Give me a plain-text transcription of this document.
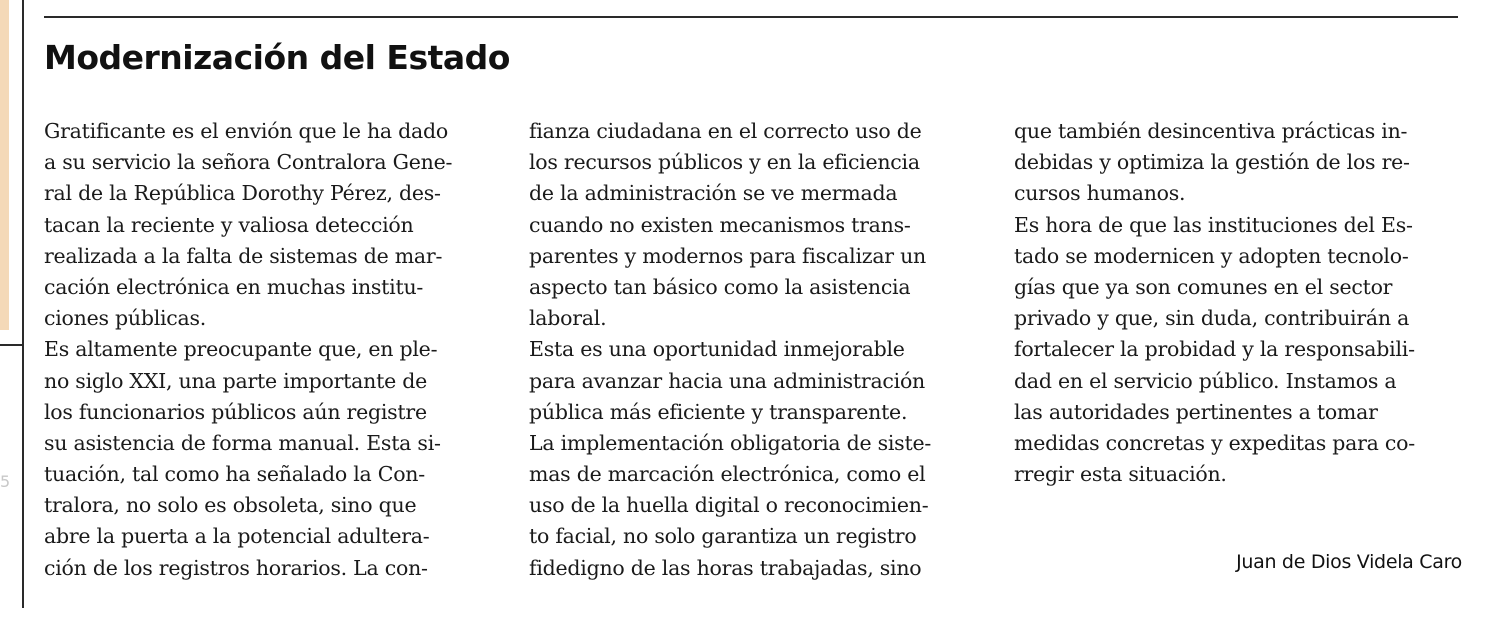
5
Modernización del Estado
Gratificante es el envión que le ha dado
a su servicio la señora Contralora Gene-
ral de la República Dorothy Pérez, des-
tacan la reciente y valiosa detección
realizada a la falta de sistemas de mar-
cación electrónica en muchas institu-
ciones públicas.
Es altamente preocupante que, en ple-
no siglo XXI, una parte importante de
los funcionarios públicos aún registre
su asistencia de forma manual. Esta si-
tuación, tal como ha señalado la Con-
tralora, no solo es obsoleta, sino que
abre la puerta a la potencial adultera-
ción de los registros horarios. La con-
fianza ciudadana en el correcto uso de
los recursos públicos y en la eficiencia
de la administración se ve mermada
cuando no existen mecanismos trans-
parentes y modernos para fiscalizar un
aspecto tan básico como la asistencia
laboral.
Esta es una oportunidad inmejorable
para avanzar hacia una administración
pública más eficiente y transparente.
La implementación obligatoria de siste-
mas de marcación electrónica, como el
uso de la huella digital o reconocimien-
to facial, no solo garantiza un registro
fidedigno de las horas trabajadas, sino
que también desincentiva prácticas in-
debidas y optimiza la gestión de los re-
cursos humanos.
Es hora de que las instituciones del Es-
tado se modernicen y adopten tecnolo-
gías que ya son comunes en el sector
privado y que, sin duda, contribuirán a
fortalecer la probidad y la responsabili-
dad en el servicio público. Instamos a
las autoridades pertinentes a tomar
medidas concretas y expeditas para co-
rregir esta situación.
Juan de Dios Videla Caro
